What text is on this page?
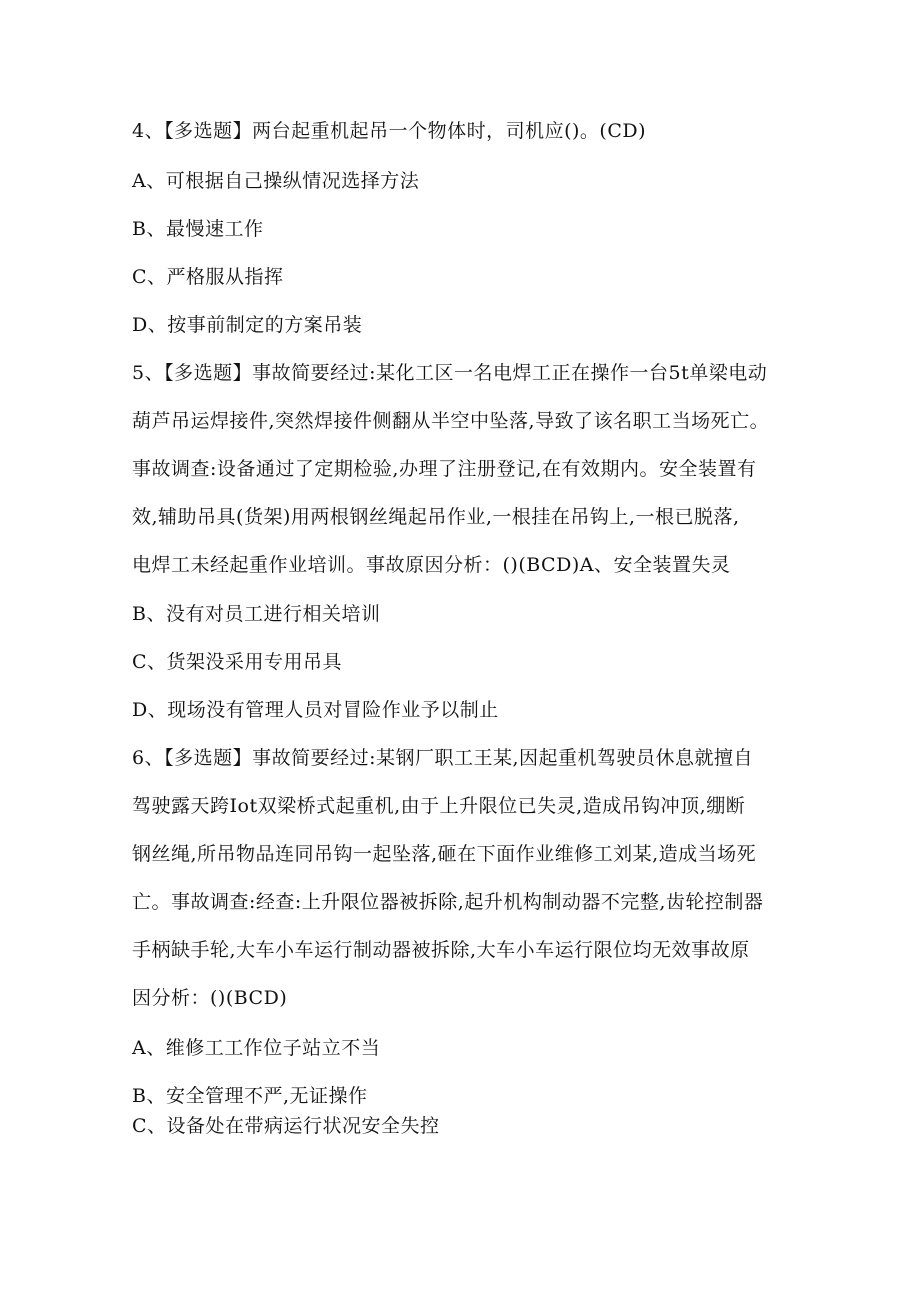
4、【多选题】两台起重机起吊一个物体时，司机应()。(CD)
A、可根据自己操纵情况选择方法
B、最慢速工作
C、严格服从指挥
D、按事前制定的方案吊装
5、【多选题】事故简要经过:某化工区一名电焊工正在操作一台5t单梁电动
葫芦吊运焊接件,突然焊接件侧翻从半空中坠落,导致了该名职工当场死亡。
事故调查:设备通过了定期检验,办理了注册登记,在有效期内。安全装置有
效,辅助吊具(货架)用两根钢丝绳起吊作业,一根挂在吊钩上,一根已脱落,
电焊工未经起重作业培训。事故原因分析：()(BCD)A、安全装置失灵
B、没有对员工进行相关培训
C、货架没采用专用吊具
D、现场没有管理人员对冒险作业予以制止
6、【多选题】事故简要经过:某钢厂职工王某,因起重机驾驶员休息就擅自
驾驶露天跨Iot双梁桥式起重机,由于上升限位已失灵,造成吊钩冲顶,绷断
钢丝绳,所吊物品连同吊钩一起坠落,砸在下面作业维修工刘某,造成当场死
亡。事故调查:经查:上升限位器被拆除,起升机构制动器不完整,齿轮控制器
手柄缺手轮,大车小车运行制动器被拆除,大车小车运行限位均无效事故原
因分析：()(BCD)
A、维修工工作位子站立不当
B、安全管理不严,无证操作
C、设备处在带病运行状况安全失控
